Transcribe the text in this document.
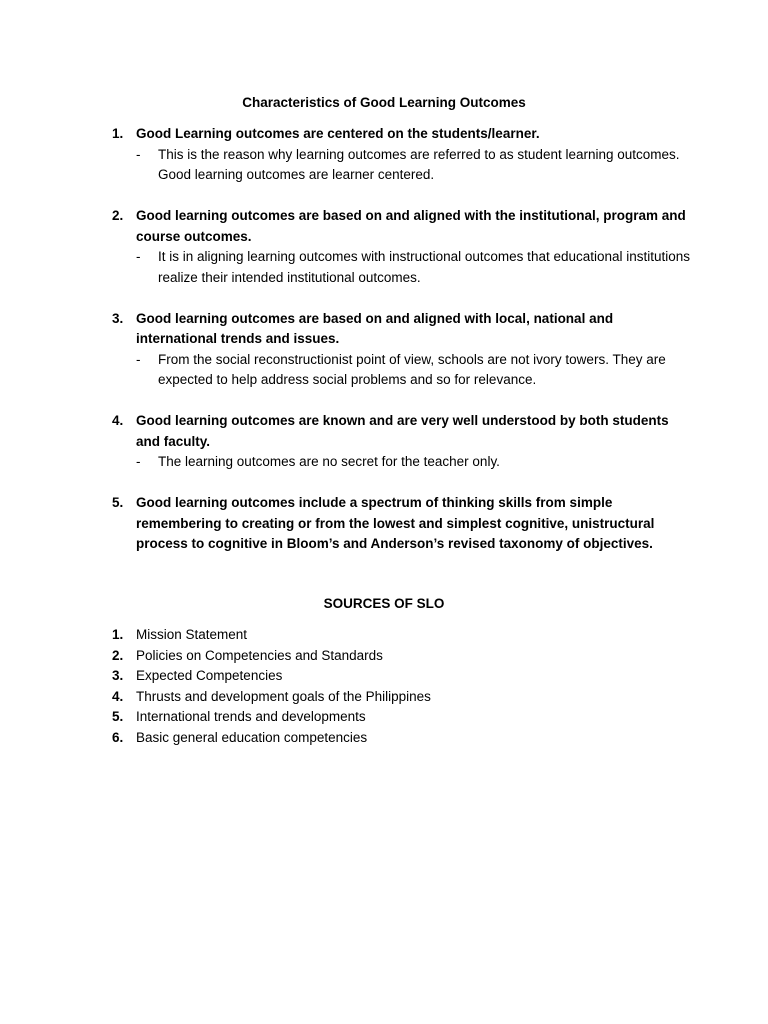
Characteristics of Good Learning Outcomes
1. Good Learning outcomes are centered on the students/learner.
- This is the reason why learning outcomes are referred to as student learning outcomes. Good learning outcomes are learner centered.
2. Good learning outcomes are based on and aligned with the institutional, program and course outcomes.
- It is in aligning learning outcomes with instructional outcomes that educational institutions realize their intended institutional outcomes.
3. Good learning outcomes are based on and aligned with local, national and international trends and issues.
- From the social reconstructionist point of view, schools are not ivory towers. They are expected to help address social problems and so for relevance.
4. Good learning outcomes are known and are very well understood by both students and faculty.
- The learning outcomes are no secret for the teacher only.
5. Good learning outcomes include a spectrum of thinking skills from simple remembering to creating or from the lowest and simplest cognitive, unistructural process to cognitive in Bloom’s and Anderson’s revised taxonomy of objectives.
SOURCES OF SLO
1. Mission Statement
2. Policies on Competencies and Standards
3. Expected Competencies
4. Thrusts and development goals of the Philippines
5. International trends and developments
6. Basic general education competencies
